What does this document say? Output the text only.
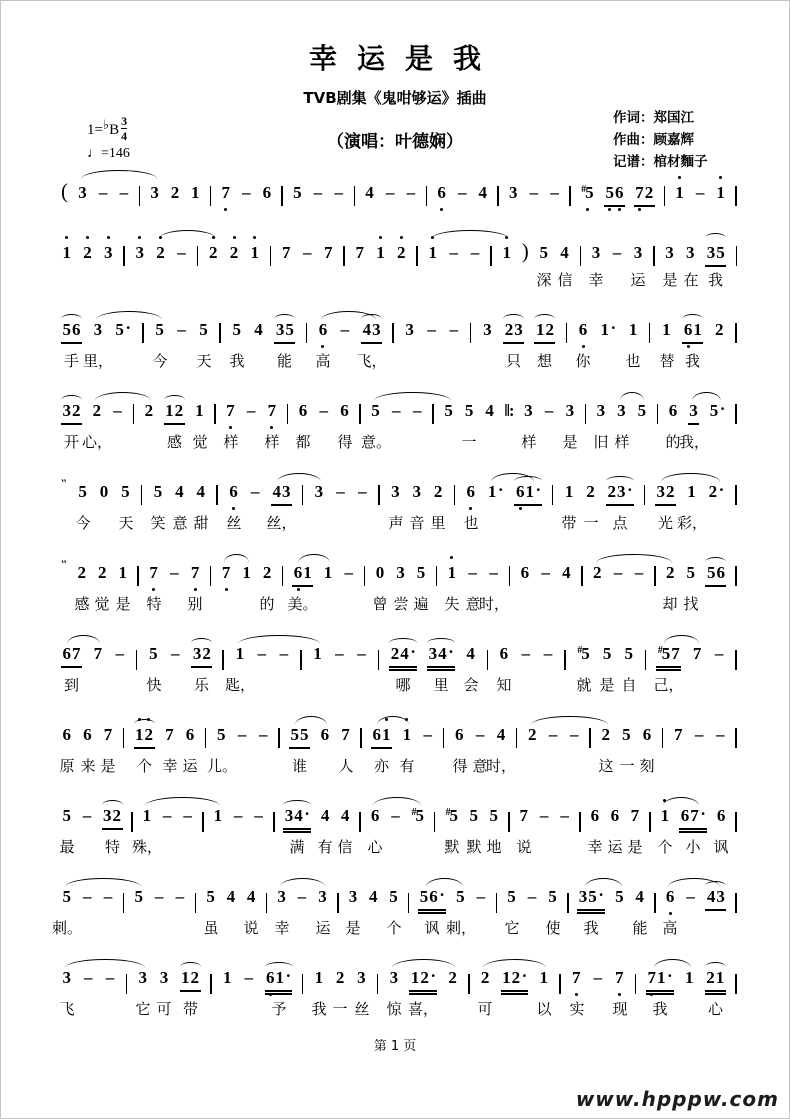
幸运是我
TVB剧集《鬼咁够运》插曲
（演唱：叶德娴）
作词：郑国江
作曲：顾嘉辉
记谱：棺材麵子
1=♭B $\frac{3}{4}$
♩=146
( 3 – – 3 2 1 7 – 6 5 – – 4 – – 6 – 4 3 – – #5 5
6 7
2 1 – 1
1 2 3 3 2 – 2 2 1 7 – 7 7 1 2 1 – – 1 ) 5 4 3 – 3 3 3 35
深 信 幸 运 是 在 我
56 3 5· 5 – 5 5 4 35 6 – 43 3 – – 3 23 12 6 1· 1 1 6
1 2
手 里，	今 天 我 能 高 飞，	只 想 你 也 替 我
32 2 – 2 12 1 7 – 7 6 – 6 5 – – 5 5 4 ‖: 3 – 3 3 3 5 6 3 5·
开 心，	感 觉 样 样 都 得 意。	一	样 是 旧 样 的
我，
″ 5 0 5 5 4 4 6 – 43 3 – – 3 3 2 6 1· 6
1· 1 2 23· 32 1 2·
今 天 笑 意 甜 丝 丝，	声 音 里 也	带 一 点 光 彩，
″ 2 2 1 7 – 7 7 1 2 6
1 1 – 0 3 5 1 – – 6 – 4 2 – – 2 5 56
感 觉 是 特 别	的 美。	曾 尝 遍 失 意
时，	却 找
67 7 – 5 – 32 1 – – 1 – – 24· 34· 4 6 – –	#5 5 5 #57 7 –
到	快 乐 匙，	哪 里 会 知	就 是 自 己，
6 6 7 1
2 7 6 5 – – 55 6 7 61 1 – 6 – 4 2 – – 2 5 6 7 – –
原 来 是 个 幸 运 儿。	谁 人 亦 有	得 意
时，	这 一 刻
5 – 32 1 – – 1 – – 34· 4 4 6 – #5 #5 5 5 7 – – 6 6 7 1 67· 6
最 特 殊，	满 有 信 心	默 默 地 说	幸 运 是 个 小 讽
5 – – 5 – – 5 4 4 3 – 3 3 4 5 56· 5 – 5 – 5 35· 5 4 6 – 43
刺。	虽 说 幸 运 是 个 讽 刺， 它 使 我 能 高
3 – – 3 3 12 1 – 6
1· 1 2 3 3 12· 2 2 12· 1 7 – 7 7
1· 1 21
飞	它 可 带	予 我 一 丝 惊 喜，	可	以 实 现 我	心
第 1 页
www.hpppw.com
